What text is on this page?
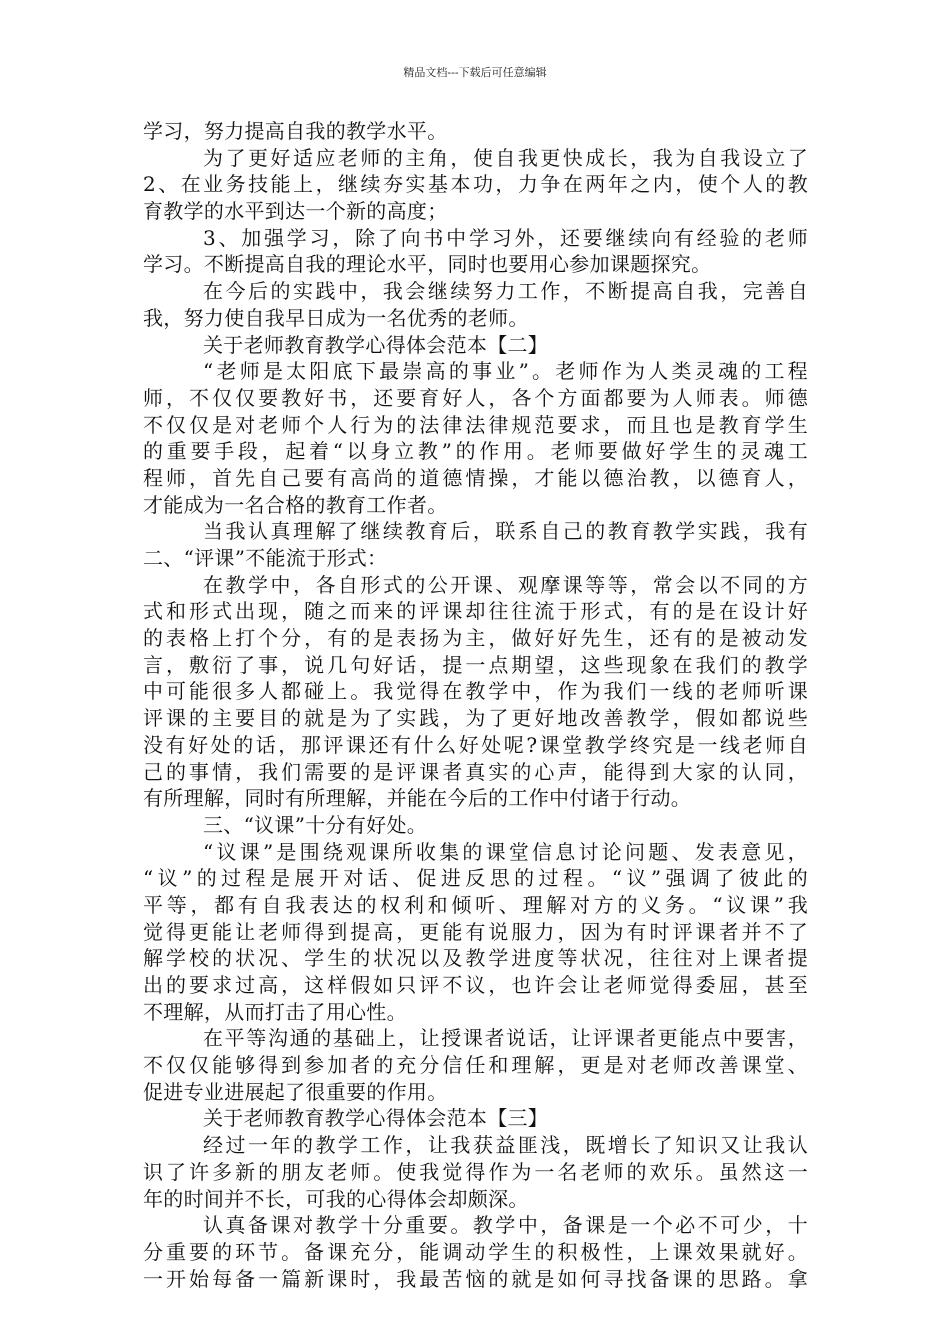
精品文档---下载后可任意编辑
学习，努力提高自我的教学水平。
为了更好适应老师的主角，使自我更快成长，我为自我设立了
2、在业务技能上，继续夯实基本功，力争在两年之内，使个人的教
育教学的水平到达一个新的高度；
3、加强学习，除了向书中学习外，还要继续向有经验的老师
学习。不断提高自我的理论水平，同时也要用心参加课题探究。
在今后的实践中，我会继续努力工作，不断提高自我，完善自
我，努力使自我早日成为一名优秀的老师。
关于老师教育教学心得体会范本【二】
“老师是太阳底下最崇高的事业”。老师作为人类灵魂的工程
师，不仅仅要教好书，还要育好人，各个方面都要为人师表。师德
不仅仅是对老师个人行为的法律法律规范要求，而且也是教育学生
的重要手段，起着“以身立教”的作用。老师要做好学生的灵魂工
程师，首先自己要有高尚的道德情操，才能以德治教，以德育人，
才能成为一名合格的教育工作者。
当我认真理解了继续教育后，联系自己的教育教学实践，我有
二、“评课”不能流于形式：
在教学中，各自形式的公开课、观摩课等等，常会以不同的方
式和形式出现，随之而来的评课却往往流于形式，有的是在设计好
的表格上打个分，有的是表扬为主，做好好先生，还有的是被动发
言，敷衍了事，说几句好话，提一点期望，这些现象在我们的教学
中可能很多人都碰上。我觉得在教学中，作为我们一线的老师听课
评课的主要目的就是为了实践，为了更好地改善教学，假如都说些
没有好处的话，那评课还有什么好处呢?课堂教学终究是一线老师自
己的事情，我们需要的是评课者真实的心声，能得到大家的认同，
有所理解，同时有所理解，并能在今后的工作中付诸于行动。
三、“议课”十分有好处。
“议课”是围绕观课所收集的课堂信息讨论问题、发表意见，
“议”的过程是展开对话、促进反思的过程。“议”强调了彼此的
平等，都有自我表达的权利和倾听、理解对方的义务。“议课”我
觉得更能让老师得到提高，更能有说服力，因为有时评课者并不了
解学校的状况、学生的状况以及教学进度等状况，往往对上课者提
出的要求过高，这样假如只评不议，也许会让老师觉得委屈，甚至
不理解，从而打击了用心性。
在平等沟通的基础上，让授课者说话，让评课者更能点中要害，
不仅仅能够得到参加者的充分信任和理解，更是对老师改善课堂、
促进专业进展起了很重要的作用。
关于老师教育教学心得体会范本【三】
经过一年的教学工作，让我获益匪浅，既增长了知识又让我认
识了许多新的朋友老师。使我觉得作为一名老师的欢乐。虽然这一
年的时间并不长，可我的心得体会却颇深。
认真备课对教学十分重要。教学中，备课是一个必不可少，十
分重要的环节。备课充分，能调动学生的积极性，上课效果就好。
一开始每备一篇新课时，我最苦恼的就是如何寻找备课的思路。拿
